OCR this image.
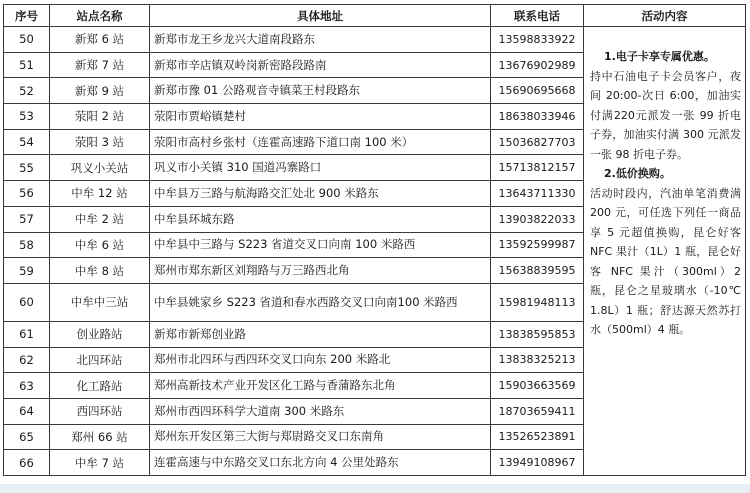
序号	站点名称	具体地址	联系电话	活动内容
50	新郑 6 站	新郑市龙王乡龙兴大道南段路东	13598833922	1.电子卡享专属优惠。
持中石油电子卡会员客户，夜间 20:00-次日 6:00，加油实付满220元派发一张 99 折电子券，加油实付满 300 元派发一张 98 折电子券。
2.低价换购。
活动时段内，汽油单笔消费满 200 元，可任选下列任一商品享 5 元超值换购，昆仑好客 NFC 果汁（1L）1 瓶，昆仑好客 NFC 果汁（300ml）2 瓶，昆仑之星玻璃水（-10℃ 1.8L）1 瓶；舒达源天然苏打水（500ml）4 瓶。

51	新郑 7 站	新郑市辛店镇双岭岗新密路段路南	13676902989	
52	新郑 9 站	新郑市豫 01 公路观音寺镇菜王村段路东	15690695668	
53	荥阳 2 站	荥阳市贾峪镇楚村	18638033946	
54	荥阳 3 站	荥阳市高村乡张村（连霍高速路下道口南 100 米）	15036827703	
55	巩义小关站	巩义市小关镇 310 国道冯寨路口	15713812157	
56	中牟 12 站	中牟县万三路与航海路交汇处北 900 米路东	13643711330	
57	中牟 2 站	中牟县环城东路	13903822033	
58	中牟 6 站	中牟县中三路与 S223 省道交叉口向南 100 米路西	13592599987	
59	中牟 8 站	郑州市郑东新区刘翔路与万三路西北角	15638839595	
60	中牟中三站	中牟县姚家乡 S223 省道和春水西路交叉口向南100 米路西	15981948113	
61	创业路站	新郑市新郑创业路	13838595853	
62	北四环站	郑州市北四环与西四环交叉口向东 200 米路北	13838325213	
63	化工路站	郑州高新技术产业开发区化工路与香蒲路东北角	15903663569	
64	西四环站	郑州市西四环科学大道南 300 米路东	18703659411	
65	郑州 66 站	郑州东开发区第三大街与郑尉路交叉口东南角	13526523891	
66	中牟 7 站	连霍高速与中东路交叉口东北方向 4 公里处路东	13949108967	
